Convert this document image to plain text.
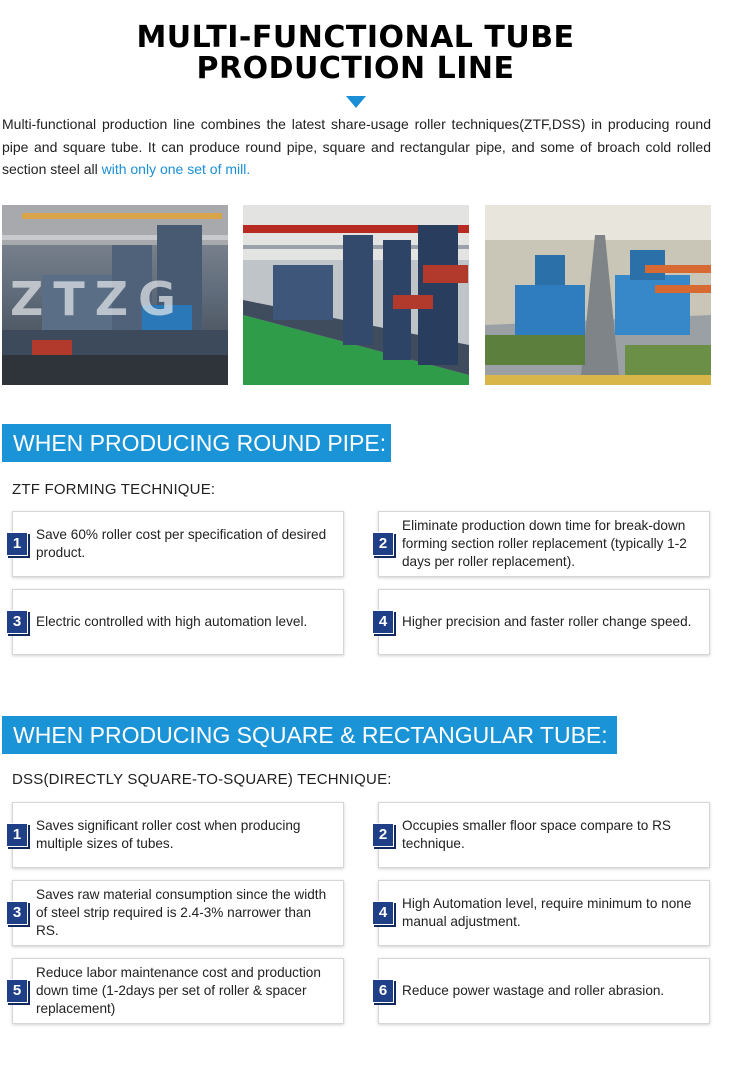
MULTI-FUNCTIONAL TUBE
PRODUCTION LINE
Multi-functional production line combines the latest share-usage roller techniques(ZTF,DSS) in producing round pipe and square tube. It can produce round pipe, square and rectangular pipe, and some of broach cold rolled section steel all with only one set of mill.
ZTZG
WHEN PRODUCING ROUND PIPE:
ZTF FORMING TECHNIQUE:
1
Save 60% roller cost per specification of desired product.
2
Eliminate production down time for break-down forming section roller replacement (typically 1-2 days per roller replacement).
3	Electric controlled with high automation level.	4	Higher precision and faster roller change speed.
WHEN PRODUCING SQUARE & RECTANGULAR TUBE:
DSS(DIRECTLY SQUARE-TO-SQUARE) TECHNIQUE:
1
Saves significant roller cost when producing multiple sizes of tubes.
2
Occupies smaller floor space compare to RS technique.
3
Saves raw material consumption since the width of steel strip required is 2.4-3% narrower than RS.
4
High Automation level, require minimum to none manual adjustment.
5
Reduce labor maintenance cost and production down time (1-2days per set of roller & spacer replacement)
6	Reduce power wastage and roller abrasion.
